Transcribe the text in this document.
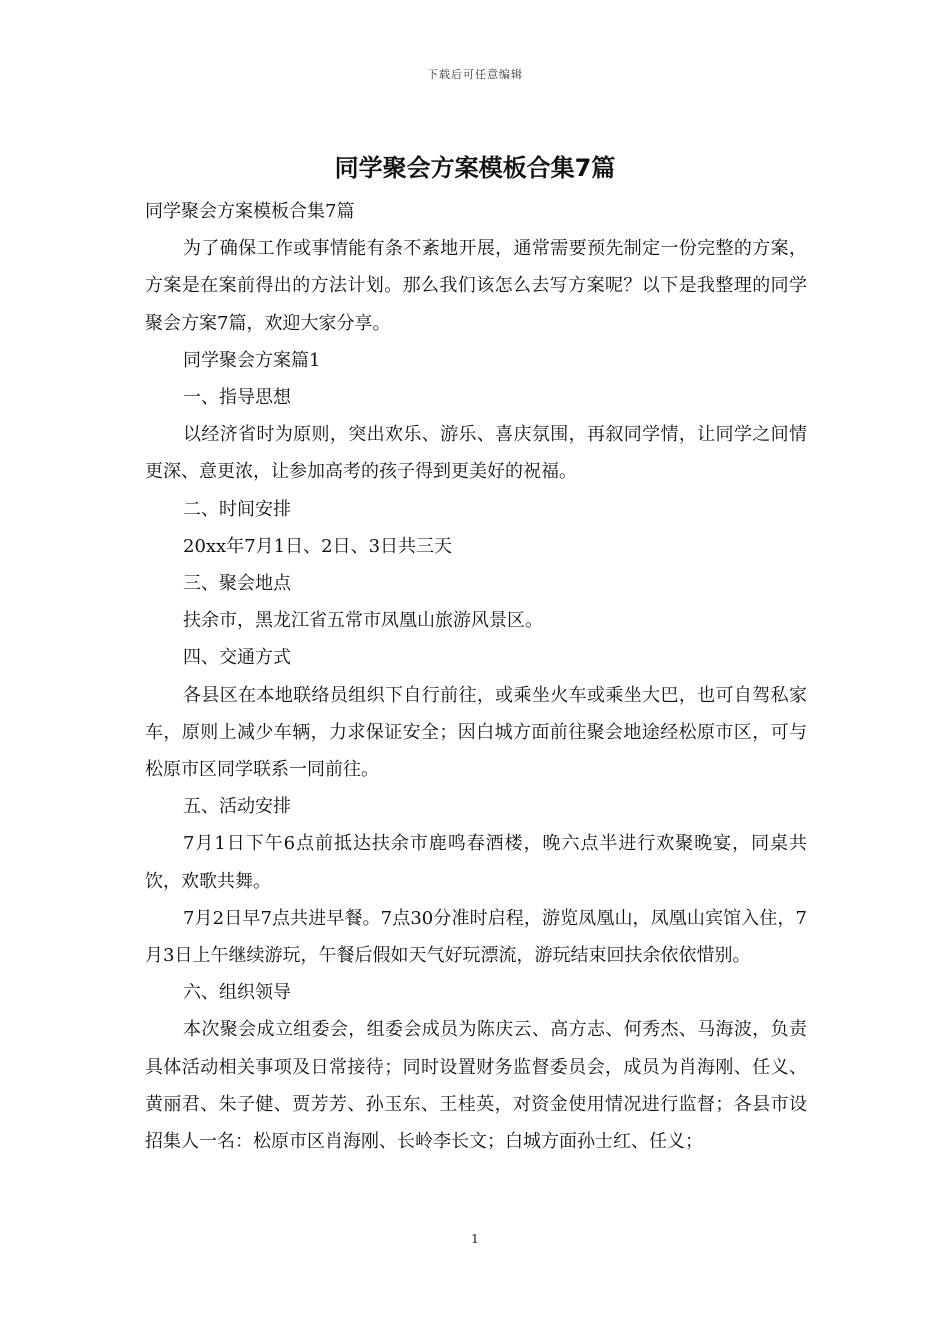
下载后可任意编辑
同学聚会方案模板合集7篇

同学聚会方案模板合集7篇

为了确保工作或事情能有条不紊地开展，通常需要预先制定一份完整的方案，方案是在案前得出的方法计划。那么我们该怎么去写方案呢？以下是我整理的同学聚会方案7篇，欢迎大家分享。

同学聚会方案篇1

一、指导思想

以经济省时为原则，突出欢乐、游乐、喜庆氛围，再叙同学情，让同学之间情更深、意更浓，让参加高考的孩子得到更美好的祝福。

二、时间安排

20xx年7月1日、2日、3日共三天

三、聚会地点

扶余市，黑龙江省五常市凤凰山旅游风景区。

四、交通方式

各县区在本地联络员组织下自行前往，或乘坐火车或乘坐大巴，也可自驾私家车，原则上减少车辆，力求保证安全；因白城方面前往聚会地途经松原市区，可与松原市区同学联系一同前往。

五、活动安排

7月1日下午6点前抵达扶余市鹿鸣春酒楼，晚六点半进行欢聚晚宴，同桌共饮，欢歌共舞。

7月2日早7点共进早餐。7点30分准时启程，游览凤凰山，凤凰山宾馆入住，7月3日上午继续游玩，午餐后假如天气好玩漂流，游玩结束回扶余依依惜别。

六、组织领导

本次聚会成立组委会，组委会成员为陈庆云、高方志、何秀杰、马海波，负责具体活动相关事项及日常接待；同时设置财务监督委员会，成员为肖海刚、任义、黄丽君、朱子健、贾芳芳、孙玉东、王桂英，对资金使用情况进行监督；各县市设招集人一名：松原市区肖海刚、长岭李长文；白城方面孙士红、任义；

1
